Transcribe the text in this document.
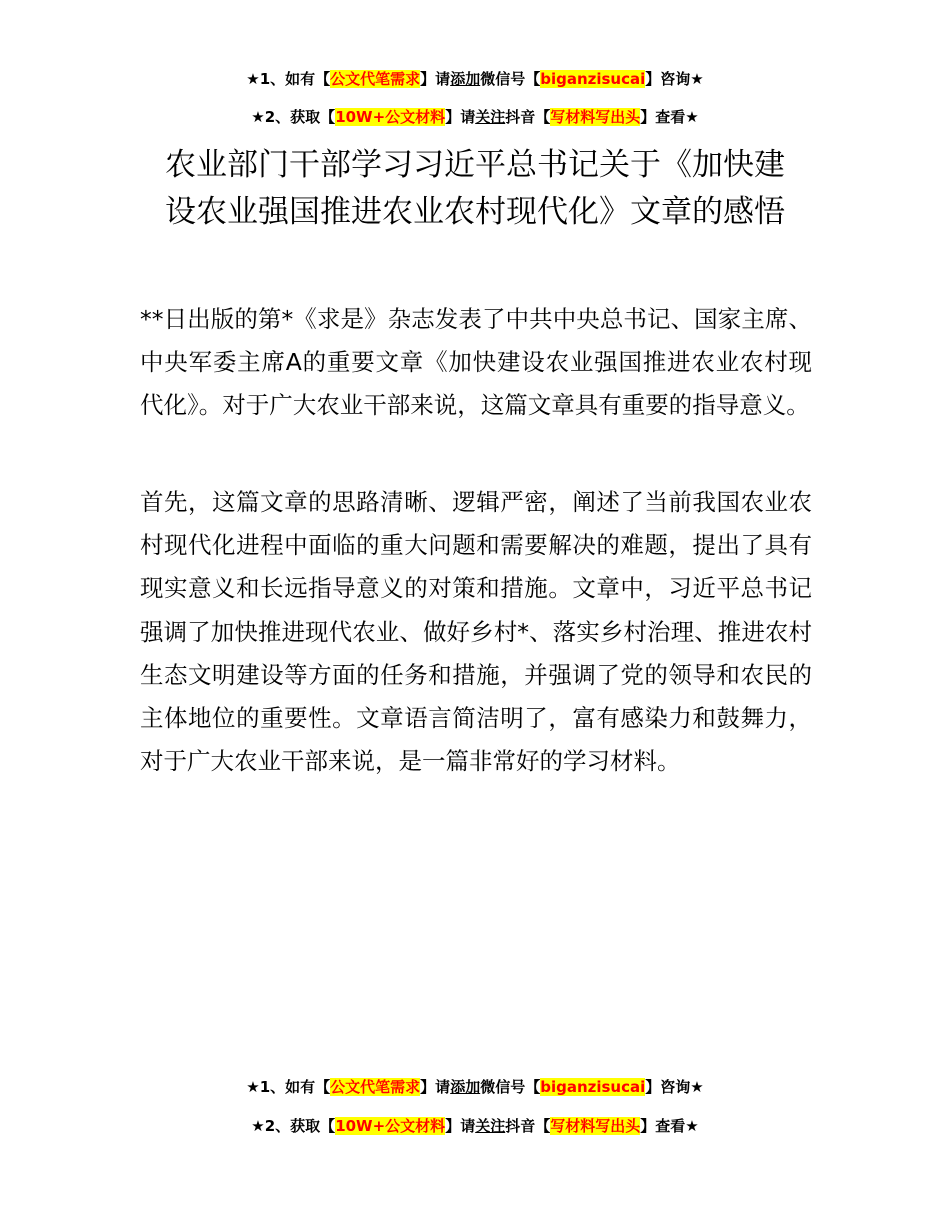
★1、如有【公文代笔需求】请添加微信号【biganzisucai】咨询★
★2、获取【10W+公文材料】请关注抖音【写材料写出头】查看★
农业部门干部学习习近平总书记关于《加快建
设农业强国推进农业农村现代化》文章的感悟

**日出版的第*《求是》杂志发表了中共中央总书记、国家主席、中央军委主席A的重要文章《加快建设农业强国推进农业农村现代化》。对于广大农业干部来说，这篇文章具有重要的指导意义。

首先，这篇文章的思路清晰、逻辑严密，阐述了当前我国农业农村现代化进程中面临的重大问题和需要解决的难题，提出了具有现实意义和长远指导意义的对策和措施。文章中，习近平总书记强调了加快推进现代农业、做好乡村*、落实乡村治理、推进农村生态文明建设等方面的任务和措施，并强调了党的领导和农民的主体地位的重要性。文章语言简洁明了，富有感染力和鼓舞力，对于广大农业干部来说，是一篇非常好的学习材料。

★1、如有【公文代笔需求】请添加微信号【biganzisucai】咨询★
★2、获取【10W+公文材料】请关注抖音【写材料写出头】查看★
